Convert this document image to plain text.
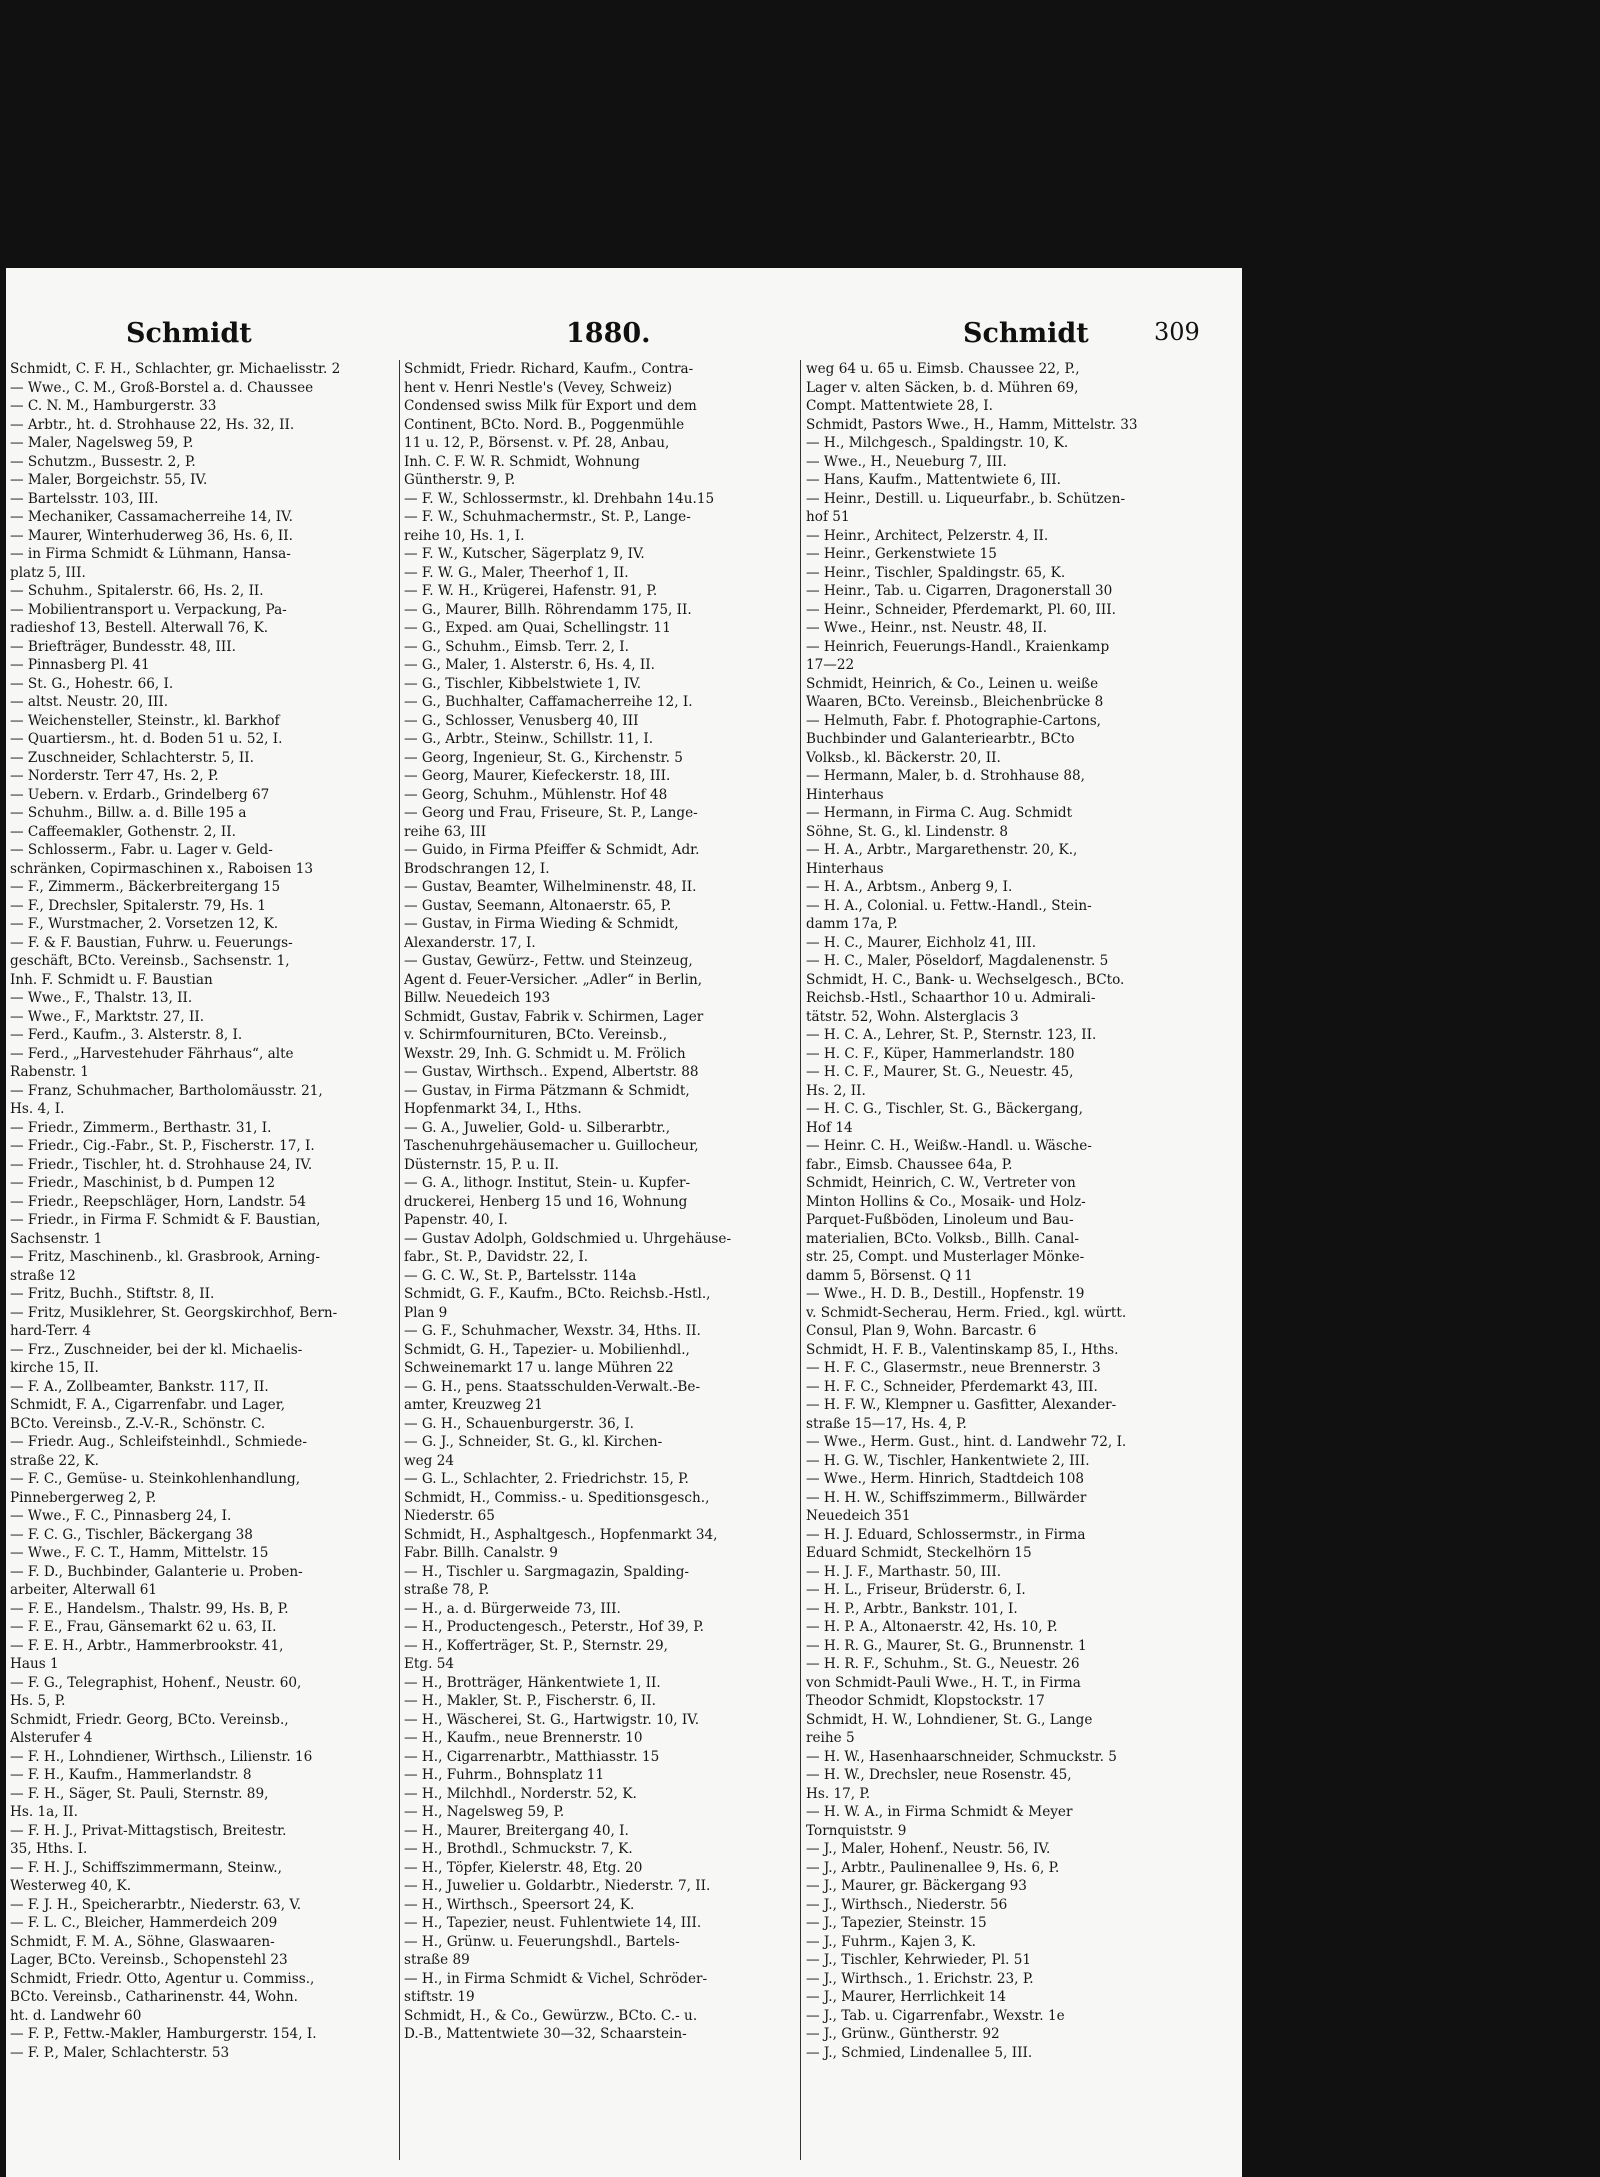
Schmidt	1880.	Schmidt	309
Schmidt, C. F. H., Schlachter, gr. Michaelisstr. 2
— Wwe., C. M., Groß-Borstel a. d. Chaussee
— C. N. M., Hamburgerstr. 33
— Arbtr., ht. d. Strohhause 22, Hs. 32, II.
— Maler, Nagelsweg 59, P.
— Schutzm., Bussestr. 2, P.
— Maler, Borgeichstr. 55, IV.
— Bartelsstr. 103, III.
— Mechaniker, Cassamacherreihe 14, IV.
— Maurer, Winterhuderweg 36, Hs. 6, II.
— in Firma Schmidt & Lühmann, Hansa-
platz 5, III.
— Schuhm., Spitalerstr. 66, Hs. 2, II.
— Mobilientransport u. Verpackung, Pa-
radieshof 13, Bestell. Alterwall 76, K.
— Briefträger, Bundesstr. 48, III.
— Pinnasberg Pl. 41
— St. G., Hohestr. 66, I.
— altst. Neustr. 20, III.
— Weichensteller, Steinstr., kl. Barkhof
— Quartiersm., ht. d. Boden 51 u. 52, I.
— Zuschneider, Schlachterstr. 5, II.
— Norderstr. Terr 47, Hs. 2, P.
— Uebern. v. Erdarb., Grindelberg 67
— Schuhm., Billw. a. d. Bille 195 a
— Caffeemakler, Gothenstr. 2, II.
— Schlosserm., Fabr. u. Lager v. Geld-
schränken, Copirmaschinen x., Raboisen 13
— F., Zimmerm., Bäckerbreitergang 15
— F., Drechsler, Spitalerstr. 79, Hs. 1
— F., Wurstmacher, 2. Vorsetzen 12, K.
— F. & F. Baustian, Fuhrw. u. Feuerungs-
geschäft, BCto. Vereinsb., Sachsenstr. 1,
Inh. F. Schmidt u. F. Baustian
— Wwe., F., Thalstr. 13, II.
— Wwe., F., Marktstr. 27, II.
— Ferd., Kaufm., 3. Alsterstr. 8, I.
— Ferd., „Harvestehuder Fährhaus“, alte
Rabenstr. 1
— Franz, Schuhmacher, Bartholomäusstr. 21,
Hs. 4, I.
— Friedr., Zimmerm., Berthastr. 31, I.
— Friedr., Cig.-Fabr., St. P., Fischerstr. 17, I.
— Friedr., Tischler, ht. d. Strohhause 24, IV.
— Friedr., Maschinist, b d. Pumpen 12
— Friedr., Reepschläger, Horn, Landstr. 54
— Friedr., in Firma F. Schmidt & F. Baustian,
Sachsenstr. 1
— Fritz, Maschinenb., kl. Grasbrook, Arning-
straße 12
— Fritz, Buchh., Stiftstr. 8, II.
— Fritz, Musiklehrer, St. Georgskirchhof, Bern-
hard-Terr. 4
— Frz., Zuschneider, bei der kl. Michaelis-
kirche 15, II.
— F. A., Zollbeamter, Bankstr. 117, II.
Schmidt, F. A., Cigarrenfabr. und Lager,
BCto. Vereinsb., Z.-V.-R., Schönstr. C.
— Friedr. Aug., Schleifsteinhdl., Schmiede-
straße 22, K.
— F. C., Gemüse- u. Steinkohlenhandlung,
Pinnebergerweg 2, P.
— Wwe., F. C., Pinnasberg 24, I.
— F. C. G., Tischler, Bäckergang 38
— Wwe., F. C. T., Hamm, Mittelstr. 15
— F. D., Buchbinder, Galanterie u. Proben-
arbeiter, Alterwall 61
— F. E., Handelsm., Thalstr. 99, Hs. B, P.
— F. E., Frau, Gänsemarkt 62 u. 63, II.
— F. E. H., Arbtr., Hammerbrookstr. 41,
Haus 1
— F. G., Telegraphist, Hohenf., Neustr. 60,
Hs. 5, P.
Schmidt, Friedr. Georg, BCto. Vereinsb.,
Alsterufer 4
— F. H., Lohndiener, Wirthsch., Lilienstr. 16
— F. H., Kaufm., Hammerlandstr. 8
— F. H., Säger, St. Pauli, Sternstr. 89,
Hs. 1a, II.
— F. H. J., Privat-Mittagstisch, Breitestr.
35, Hths. I.
— F. H. J., Schiffszimmermann, Steinw.,
Westerweg 40, K.
— F. J. H., Speicherarbtr., Niederstr. 63, V.
— F. L. C., Bleicher, Hammerdeich 209
Schmidt, F. M. A., Söhne, Glaswaaren-
Lager, BCto. Vereinsb., Schopenstehl 23
Schmidt, Friedr. Otto, Agentur u. Commiss.,
BCto. Vereinsb., Catharinenstr. 44, Wohn.
ht. d. Landwehr 60
— F. P., Fettw.-Makler, Hamburgerstr. 154, I.
— F. P., Maler, Schlachterstr. 53
Schmidt, Friedr. Richard, Kaufm., Contra-
hent v. Henri Nestle's (Vevey, Schweiz)
Condensed swiss Milk für Export und dem
Continent, BCto. Nord. B., Poggenmühle
11 u. 12, P., Börsenst. v. Pf. 28, Anbau,
Inh. C. F. W. R. Schmidt, Wohnung
Güntherstr. 9, P.
— F. W., Schlossermstr., kl. Drehbahn 14u.15
— F. W., Schuhmachermstr., St. P., Lange-
reihe 10, Hs. 1, I.
— F. W., Kutscher, Sägerplatz 9, IV.
— F. W. G., Maler, Theerhof 1, II.
— F. W. H., Krügerei, Hafenstr. 91, P.
— G., Maurer, Billh. Röhrendamm 175, II.
— G., Exped. am Quai, Schellingstr. 11
— G., Schuhm., Eimsb. Terr. 2, I.
— G., Maler, 1. Alsterstr. 6, Hs. 4, II.
— G., Tischler, Kibbelstwiete 1, IV.
— G., Buchhalter, Caffamacherreihe 12, I.
— G., Schlosser, Venusberg 40, III
— G., Arbtr., Steinw., Schillstr. 11, I.
— Georg, Ingenieur, St. G., Kirchenstr. 5
— Georg, Maurer, Kiefeckerstr. 18, III.
— Georg, Schuhm., Mühlenstr. Hof 48
— Georg und Frau, Friseure, St. P., Lange-
reihe 63, III
— Guido, in Firma Pfeiffer & Schmidt, Adr.
Brodschrangen 12, I.
— Gustav, Beamter, Wilhelminenstr. 48, II.
— Gustav, Seemann, Altonaerstr. 65, P.
— Gustav, in Firma Wieding & Schmidt,
Alexanderstr. 17, I.
— Gustav, Gewürz-, Fettw. und Steinzeug,
Agent d. Feuer-Versicher. „Adler“ in Berlin,
Billw. Neuedeich 193
Schmidt, Gustav, Fabrik v. Schirmen, Lager
v. Schirmfournituren, BCto. Vereinsb.,
Wexstr. 29, Inh. G. Schmidt u. M. Frölich
— Gustav, Wirthsch.. Expend, Albertstr. 88
— Gustav, in Firma Pätzmann & Schmidt,
Hopfenmarkt 34, I., Hths.
— G. A., Juwelier, Gold- u. Silberarbtr.,
Taschenuhrgehäusemacher u. Guillocheur,
Düsternstr. 15, P. u. II.
— G. A., lithogr. Institut, Stein- u. Kupfer-
druckerei, Henberg 15 und 16, Wohnung
Papenstr. 40, I.
— Gustav Adolph, Goldschmied u. Uhrgehäuse-
fabr., St. P., Davidstr. 22, I.
— G. C. W., St. P., Bartelsstr. 114a
Schmidt, G. F., Kaufm., BCto. Reichsb.-Hstl.,
Plan 9
— G. F., Schuhmacher, Wexstr. 34, Hths. II.
Schmidt, G. H., Tapezier- u. Mobilienhdl.,
Schweinemarkt 17 u. lange Mühren 22
— G. H., pens. Staatsschulden-Verwalt.-Be-
amter, Kreuzweg 21
— G. H., Schauenburgerstr. 36, I.
— G. J., Schneider, St. G., kl. Kirchen-
weg 24
— G. L., Schlachter, 2. Friedrichstr. 15, P.
Schmidt, H., Commiss.- u. Speditionsgesch.,
Niederstr. 65
Schmidt, H., Asphaltgesch., Hopfenmarkt 34,
Fabr. Billh. Canalstr. 9
— H., Tischler u. Sargmagazin, Spalding-
straße 78, P.
— H., a. d. Bürgerweide 73, III.
— H., Productengesch., Peterstr., Hof 39, P.
— H., Kofferträger, St. P., Sternstr. 29,
Etg. 54
— H., Brotträger, Hänkentwiete 1, II.
— H., Makler, St. P., Fischerstr. 6, II.
— H., Wäscherei, St. G., Hartwigstr. 10, IV.
— H., Kaufm., neue Brennerstr. 10
— H., Cigarrenarbtr., Matthiasstr. 15
— H., Fuhrm., Bohnsplatz 11
— H., Milchhdl., Norderstr. 52, K.
— H., Nagelsweg 59, P.
— H., Maurer, Breitergang 40, I.
— H., Brothdl., Schmuckstr. 7, K.
— H., Töpfer, Kielerstr. 48, Etg. 20
— H., Juwelier u. Goldarbtr., Niederstr. 7, II.
— H., Wirthsch., Speersort 24, K.
— H., Tapezier, neust. Fuhlentwiete 14, III.
— H., Grünw. u. Feuerungshdl., Bartels-
straße 89
— H., in Firma Schmidt & Vichel, Schröder-
stiftstr. 19
Schmidt, H., & Co., Gewürzw., BCto. C.- u.
D.-B., Mattentwiete 30—32, Schaarstein-
weg 64 u. 65 u. Eimsb. Chaussee 22, P.,
Lager v. alten Säcken, b. d. Mühren 69,
Compt. Mattentwiete 28, I.
Schmidt, Pastors Wwe., H., Hamm, Mittelstr. 33
— H., Milchgesch., Spaldingstr. 10, K.
— Wwe., H., Neueburg 7, III.
— Hans, Kaufm., Mattentwiete 6, III.
— Heinr., Destill. u. Liqueurfabr., b. Schützen-
hof 51
— Heinr., Architect, Pelzerstr. 4, II.
— Heinr., Gerkenstwiete 15
— Heinr., Tischler, Spaldingstr. 65, K.
— Heinr., Tab. u. Cigarren, Dragonerstall 30
— Heinr., Schneider, Pferdemarkt, Pl. 60, III.
— Wwe., Heinr., nst. Neustr. 48, II.
— Heinrich, Feuerungs-Handl., Kraienkamp
17—22
Schmidt, Heinrich, & Co., Leinen u. weiße
Waaren, BCto. Vereinsb., Bleichenbrücke 8
— Helmuth, Fabr. f. Photographie-Cartons,
Buchbinder und Galanteriearbtr., BCto
Volksb., kl. Bäckerstr. 20, II.
— Hermann, Maler, b. d. Strohhause 88,
Hinterhaus
— Hermann, in Firma C. Aug. Schmidt
Söhne, St. G., kl. Lindenstr. 8
— H. A., Arbtr., Margarethenstr. 20, K.,
Hinterhaus
— H. A., Arbtsm., Anberg 9, I.
— H. A., Colonial. u. Fettw.-Handl., Stein-
damm 17a, P.
— H. C., Maurer, Eichholz 41, III.
— H. C., Maler, Pöseldorf, Magdalenenstr. 5
Schmidt, H. C., Bank- u. Wechselgesch., BCto.
Reichsb.-Hstl., Schaarthor 10 u. Admirali-
tätstr. 52, Wohn. Alsterglacis 3
— H. C. A., Lehrer, St. P., Sternstr. 123, II.
— H. C. F., Küper, Hammerlandstr. 180
— H. C. F., Maurer, St. G., Neuestr. 45,
Hs. 2, II.
— H. C. G., Tischler, St. G., Bäckergang,
Hof 14
— Heinr. C. H., Weißw.-Handl. u. Wäsche-
fabr., Eimsb. Chaussee 64a, P.
Schmidt, Heinrich, C. W., Vertreter von
Minton Hollins & Co., Mosaik- und Holz-
Parquet-Fußböden, Linoleum und Bau-
materialien, BCto. Volksb., Billh. Canal-
str. 25, Compt. und Musterlager Mönke-
damm 5, Börsenst. Q 11
— Wwe., H. D. B., Destill., Hopfenstr. 19
v. Schmidt-Secherau, Herm. Fried., kgl. württ.
Consul, Plan 9, Wohn. Barcastr. 6
Schmidt, H. F. B., Valentinskamp 85, I., Hths.
— H. F. C., Glasermstr., neue Brennerstr. 3
— H. F. C., Schneider, Pferdemarkt 43, III.
— H. F. W., Klempner u. Gasfitter, Alexander-
straße 15—17, Hs. 4, P.
— Wwe., Herm. Gust., hint. d. Landwehr 72, I.
— H. G. W., Tischler, Hankentwiete 2, III.
— Wwe., Herm. Hinrich, Stadtdeich 108
— H. H. W., Schiffszimmerm., Billwärder
Neuedeich 351
— H. J. Eduard, Schlossermstr., in Firma
Eduard Schmidt, Steckelhörn 15
— H. J. F., Marthastr. 50, III.
— H. L., Friseur, Brüderstr. 6, I.
— H. P., Arbtr., Bankstr. 101, I.
— H. P. A., Altonaerstr. 42, Hs. 10, P.
— H. R. G., Maurer, St. G., Brunnenstr. 1
— H. R. F., Schuhm., St. G., Neuestr. 26
von Schmidt-Pauli Wwe., H. T., in Firma
Theodor Schmidt, Klopstockstr. 17
Schmidt, H. W., Lohndiener, St. G., Lange
reihe 5
— H. W., Hasenhaarschneider, Schmuckstr. 5
— H. W., Drechsler, neue Rosenstr. 45,
Hs. 17, P.
— H. W. A., in Firma Schmidt & Meyer
Tornquiststr. 9
— J., Maler, Hohenf., Neustr. 56, IV.
— J., Arbtr., Paulinenallee 9, Hs. 6, P.
— J., Maurer, gr. Bäckergang 93
— J., Wirthsch., Niederstr. 56
— J., Tapezier, Steinstr. 15
— J., Fuhrm., Kajen 3, K.
— J., Tischler, Kehrwieder, Pl. 51
— J., Wirthsch., 1. Erichstr. 23, P.
— J., Maurer, Herrlichkeit 14
— J., Tab. u. Cigarrenfabr., Wexstr. 1e
— J., Grünw., Güntherstr. 92
— J., Schmied, Lindenallee 5, III.
